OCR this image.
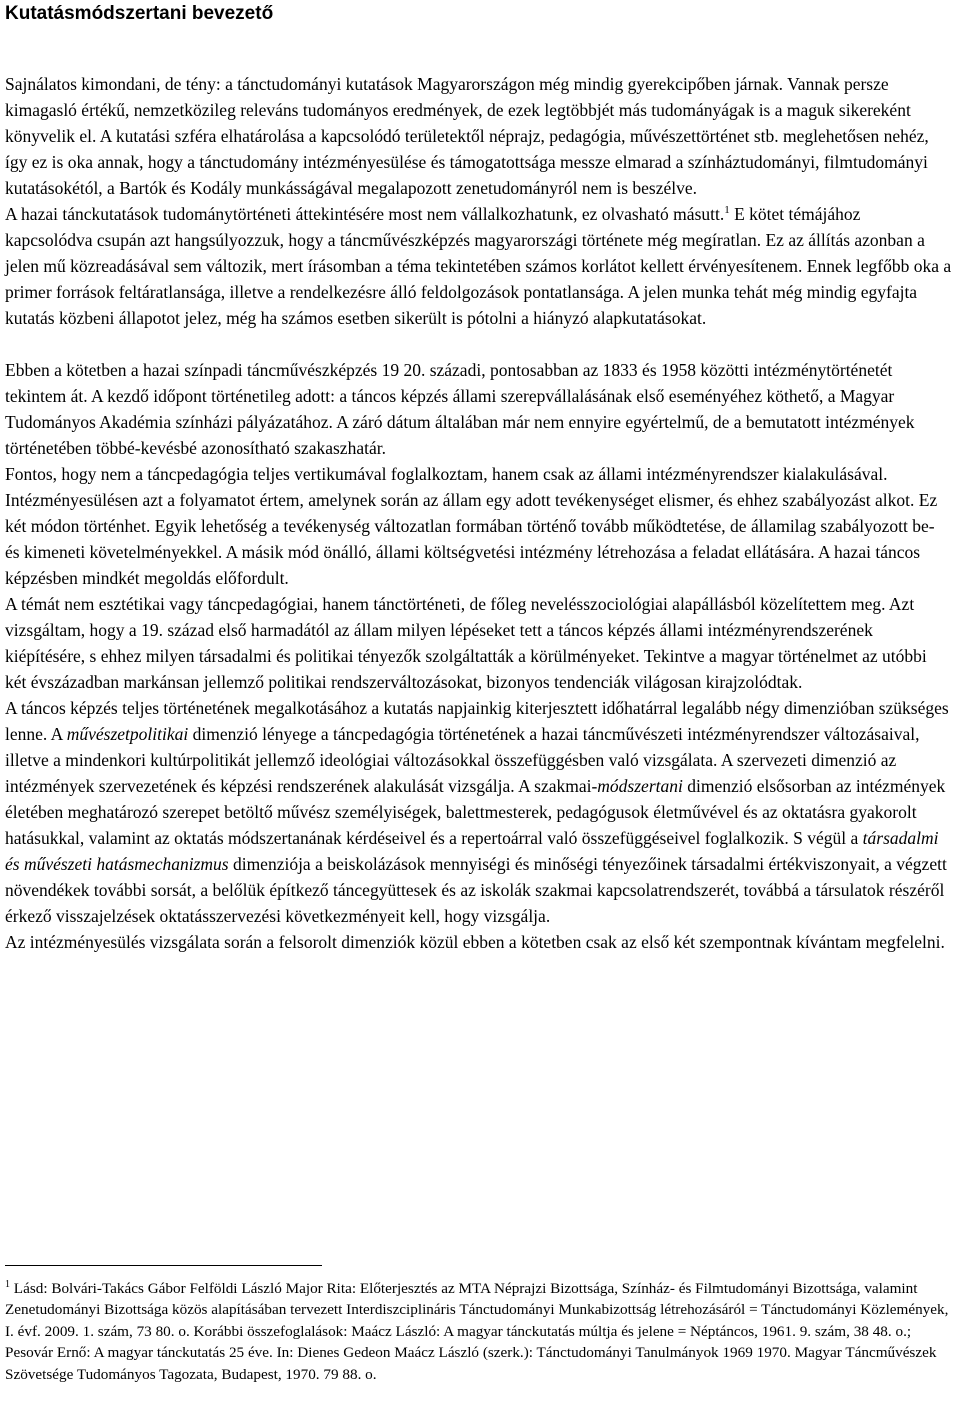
Kutatásmódszertani bevezető

Sajnálatos kimondani, de tény: a tánctudományi kutatások Magyarországon még mindig gyerekcipőben járnak. Vannak persze kimagasló értékű, nemzetközileg releváns tudományos eredmények, de ezek legtöbbjét más tudományágak is a maguk sikereként könyvelik el. A kutatási szféra elhatárolása a kapcsolódó területektől néprajz, pedagógia, művészettörténet stb. meglehetősen nehéz, így ez is oka annak, hogy a tánctudomány intézményesülése és támogatottsága messze elmarad a színháztudományi, filmtudományi kutatásokétól, a Bartók és Kodály munkásságával megalapozott zenetudományról nem is beszélve.

A hazai tánckutatások tudománytörténeti áttekintésére most nem vállalkozhatunk, ez olvasható másutt.$^1$ E kötet témájához kapcsolódva csupán azt hangsúlyozzuk, hogy a táncművészképzés magyarországi története még megíratlan. Ez az állítás azonban a jelen mű közreadásával sem változik, mert írásomban a téma tekintetében számos korlátot kellett érvényesítenem. Ennek legfőbb oka a primer források feltáratlansága, illetve a rendelkezésre álló feldolgozások pontatlansága. A jelen munka tehát még mindig egyfajta kutatás közbeni állapotot jelez, még ha számos esetben sikerült is pótolni a hiányzó alapkutatásokat.

Ebben a kötetben a hazai színpadi táncművészképzés 19 20. századi, pontosabban az 1833 és 1958 közötti intézménytörténetét tekintem át. A kezdő időpont történetileg adott: a táncos képzés állami szerepvállalásának első eseményéhez köthető, a Magyar Tudományos Akadémia színházi pályázatához. A záró dátum általában már nem ennyire egyértelmű, de a bemutatott intézmények történetében többé-kevésbé azonosítható szakaszhatár.

Fontos, hogy nem a táncpedagógia teljes vertikumával foglalkoztam, hanem csak az állami intézményrendszer kialakulásával. Intézményesülésen azt a folyamatot értem, amelynek során az állam egy adott tevékenységet elismer, és ehhez szabályozást alkot. Ez két módon történhet. Egyik lehetőség a tevékenység változatlan formában történő tovább működtetése, de államilag szabályozott be- és kimeneti követelményekkel. A másik mód önálló, állami költségvetési intézmény létrehozása a feladat ellátására. A hazai táncos képzésben mindkét megoldás előfordult.

A témát nem esztétikai vagy táncpedagógiai, hanem tánctörténeti, de főleg nevelésszociológiai alapállásból közelítettem meg. Azt vizsgáltam, hogy a 19. század első harmadától az állam milyen lépéseket tett a táncos képzés állami intézményrendszerének kiépítésére, s ehhez milyen társadalmi és politikai tényezők szolgáltatták a körülményeket. Tekintve a magyar történelmet az utóbbi két évszázadban markánsan jellemző politikai rendszerváltozásokat, bizonyos tendenciák világosan kirajzolódtak.

A táncos képzés teljes történetének megalkotásához a kutatás napjainkig kiterjesztett időhatárral legalább négy dimenzióban szükséges lenne. A művészetpolitikai dimenzió lényege a táncpedagógia történetének a hazai táncművészeti intézményrendszer változásaival, illetve a mindenkori kultúrpolitikát jellemző ideológiai változásokkal összefüggésben való vizsgálata. A szervezeti dimenzió az intézmények szervezetének és képzési rendszerének alakulását vizsgálja. A szakmai-módszertani dimenzió elsősorban az intézmények életében meghatározó szerepet betöltő művész személyiségek, balettmesterek, pedagógusok életművével és az oktatásra gyakorolt hatásukkal, valamint az oktatás módszertanának kérdéseivel és a repertoárral való összefüggéseivel foglalkozik. S végül a társadalmi és művészeti hatásmechanizmus dimenziója a beiskolázások mennyiségi és minőségi tényezőinek társadalmi értékviszonyait, a végzett növendékek további sorsát, a belőlük építkező táncegyüttesek és az iskolák szakmai kapcsolatrendszerét, továbbá a társulatok részéről érkező visszajelzések oktatásszervezési következményeit kell, hogy vizsgálja.

Az intézményesülés vizsgálata során a felsorolt dimenziók közül ebben a kötetben csak az első két szempontnak kívántam megfelelni.

$^1$ Lásd: Bolvári-Takács Gábor Felföldi László Major Rita: Előterjesztés az MTA Néprajzi Bizottsága, Színház- és Filmtudományi Bizottsága, valamint Zenetudományi Bizottsága közös alapításában tervezett Interdiszciplináris Tánctudományi Munkabizottság létrehozásáról = Tánctudományi Közlemények, I. évf. 2009. 1. szám, 73 80. o. Korábbi összefoglalások: Maácz László: A magyar tánckutatás múltja és jelene = Néptáncos, 1961. 9. szám, 38 48. o.; Pesovár Ernő: A magyar tánckutatás 25 éve. In: Dienes Gedeon Maácz László (szerk.): Tánctudományi Tanulmányok 1969 1970. Magyar Táncművészek Szövetsége Tudományos Tagozata, Budapest, 1970. 79 88. o.
